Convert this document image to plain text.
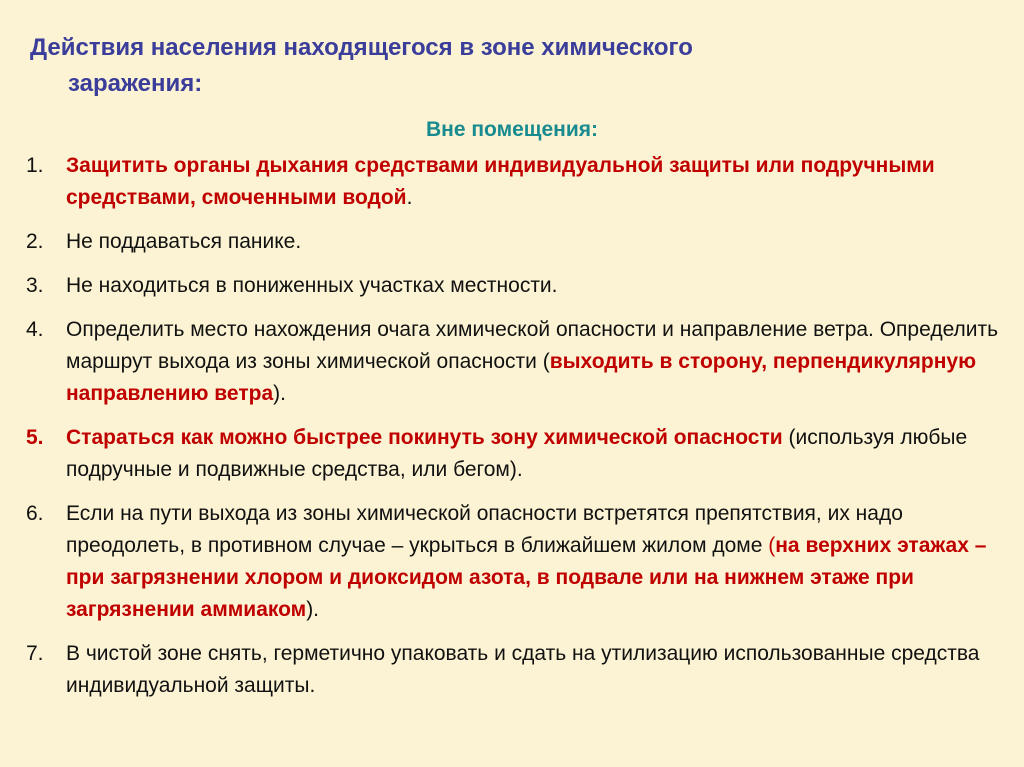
Действия населения находящегося в зоне химического
заражения:
Вне помещения:
1. Защитить органы дыхания средствами индивидуальной защиты или подручными средствами, смоченными водой.
2. Не поддаваться панике.
3. Не находиться в пониженных участках местности.
4. Определить место нахождения очага химической опасности и направление ветра. Определить маршрут выхода из зоны химической опасности (выходить в сторону, перпендикулярную направлению ветра).
5. Стараться как можно быстрее покинуть зону химической опасности (используя любые подручные и подвижные средства, или бегом).
6. Если на пути выхода из зоны химической опасности встретятся препятствия, их надо преодолеть, в противном случае – укрыться в ближайшем жилом доме (на верхних этажах – при загрязнении хлором и диоксидом азота, в подвале или на нижнем этаже при загрязнении аммиаком).
7. В чистой зоне снять, герметично упаковать и сдать на утилизацию использованные средства индивидуальной защиты.
